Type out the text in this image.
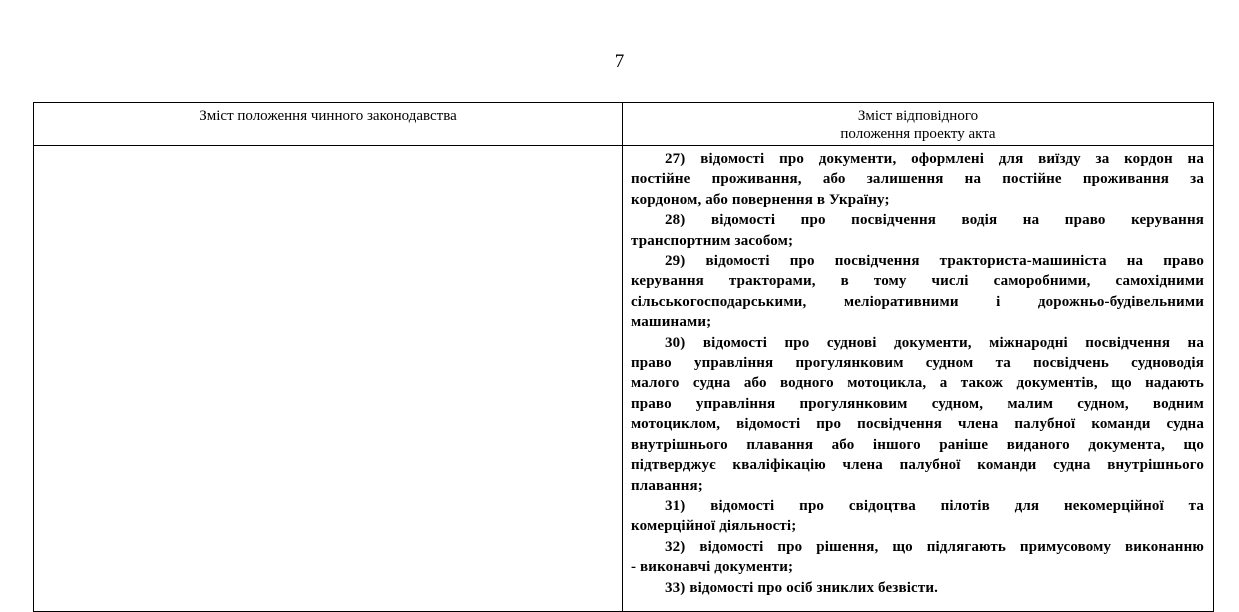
7
Зміст положення чинного законодавства	Зміст відповідного
положення проекту акта

27) відомості про документи, оформлені для виїзду за кордон на
постійне проживання, або залишення на постійне проживання за
кордоном, або повернення в Україну;

28) відомості про посвідчення водія на право керування
транспортним засобом;

29) відомості про посвідчення тракториста-машиніста на право
керування тракторами, в тому числі саморобними, самохідними
сільськогосподарськими, меліоративними і дорожньо-будівельними
машинами;

30) відомості про суднові документи, міжнародні посвідчення на
право управління прогулянковим судном та посвідчень судноводія
малого судна або водного мотоцикла, а також документів, що надають
право управління прогулянковим судном, малим судном, водним
мотоциклом, відомості про посвідчення члена палубної команди судна
внутрішнього плавання або іншого раніше виданого документа, що
підтверджує кваліфікацію члена палубної команди судна внутрішнього
плавання;

31) відомості про свідоцтва пілотів для некомерційної та
комерційної діяльності;

32) відомості про рішення, що підлягають примусовому виконанню
- виконавчі документи;

33) відомості про осіб зниклих безвісти.
